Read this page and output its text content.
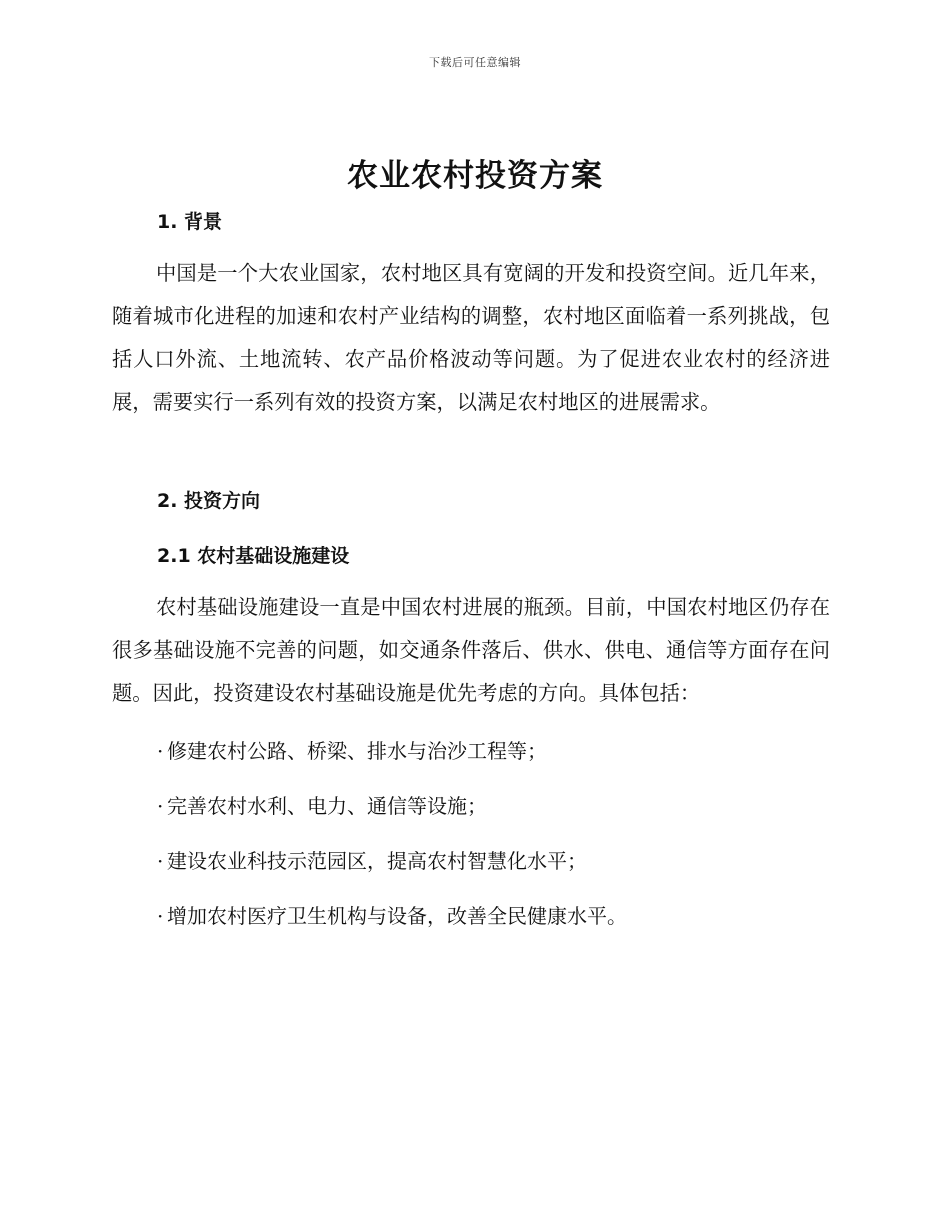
下载后可任意编辑
农业农村投资方案
1. 背景
中国是一个大农业国家，农村地区具有宽阔的开发和投资空间。近几年来，随着城市化进程的加速和农村产业结构的调整，农村地区面临着一系列挑战，包括人口外流、土地流转、农产品价格波动等问题。为了促进农业农村的经济进展，需要实行一系列有效的投资方案，以满足农村地区的进展需求。
2. 投资方向
2.1 农村基础设施建设
农村基础设施建设一直是中国农村进展的瓶颈。目前，中国农村地区仍存在很多基础设施不完善的问题，如交通条件落后、供水、供电、通信等方面存在问题。因此，投资建设农村基础设施是优先考虑的方向。具体包括：
· 修建农村公路、桥梁、排水与治沙工程等；
· 完善农村水利、电力、通信等设施；
· 建设农业科技示范园区，提高农村智慧化水平；
· 增加农村医疗卫生机构与设备，改善全民健康水平。
